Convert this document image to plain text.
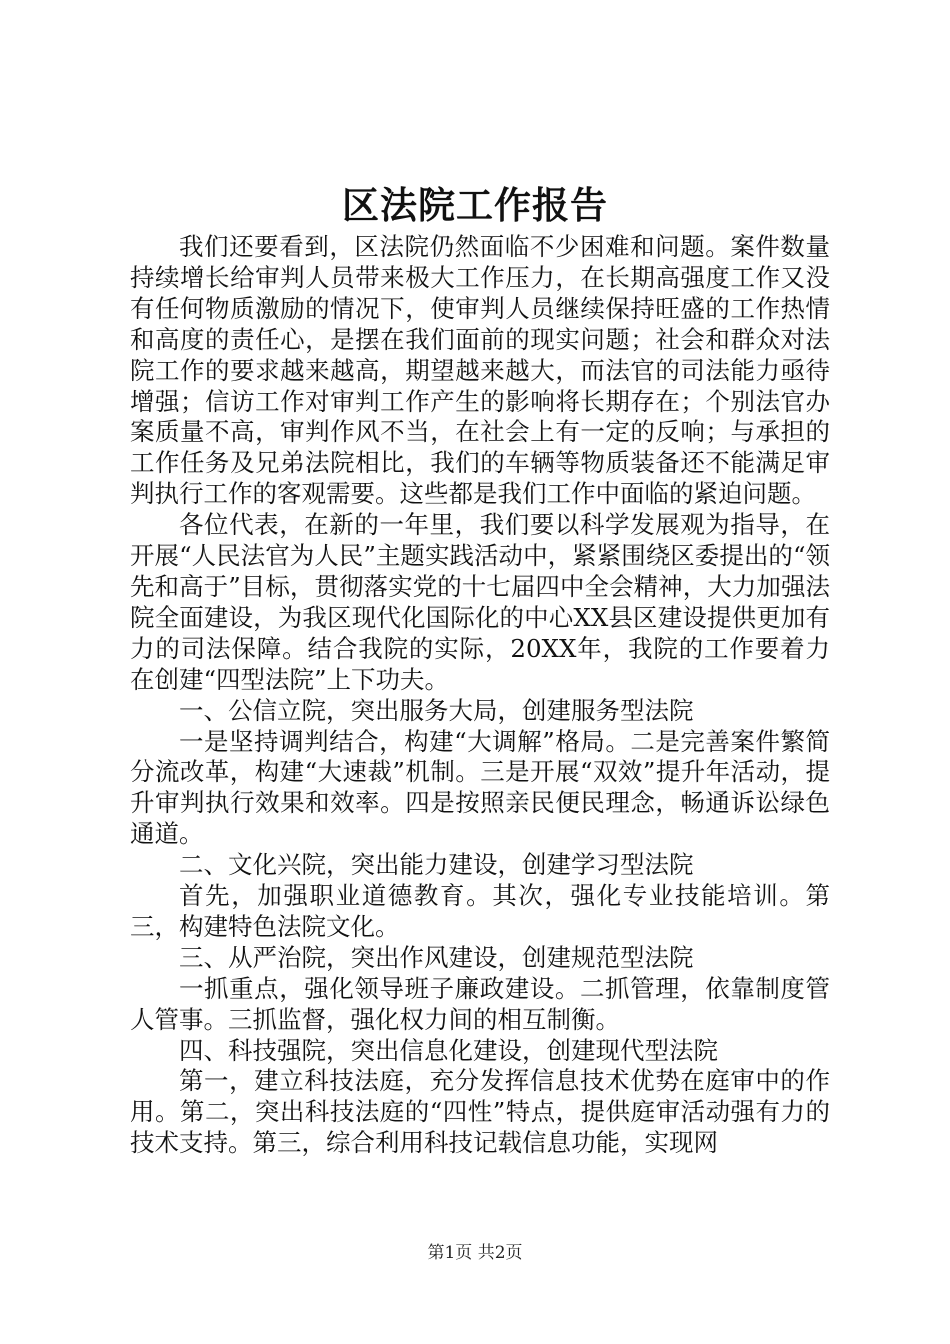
区法院工作报告

我们还要看到，区法院仍然面临不少困难和问题。案件数量持续增长给审判人员带来极大工作压力，在长期高强度工作又没有任何物质激励的情况下，使审判人员继续保持旺盛的工作热情和高度的责任心，是摆在我们面前的现实问题；社会和群众对法院工作的要求越来越高，期望越来越大，而法官的司法能力亟待增强；信访工作对审判工作产生的影响将长期存在；个别法官办案质量不高，审判作风不当，在社会上有一定的反响；与承担的工作任务及兄弟法院相比，我们的车辆等物质装备还不能满足审判执行工作的客观需要。这些都是我们工作中面临的紧迫问题。

各位代表，在新的一年里，我们要以科学发展观为指导，在开展“人民法官为人民”主题实践活动中，紧紧围绕区委提出的“领先和高于”目标，贯彻落实党的十七届四中全会精神，大力加强法院全面建设，为我区现代化国际化的中心XX县区建设提供更加有力的司法保障。结合我院的实际，20XX年，我院的工作要着力在创建“四型法院”上下功夫。

一、公信立院，突出服务大局，创建服务型法院

一是坚持调判结合，构建“大调解”格局。二是完善案件繁简分流改革，构建“大速裁”机制。三是开展“双效”提升年活动，提升审判执行效果和效率。四是按照亲民便民理念，畅通诉讼绿色通道。

二、文化兴院，突出能力建设，创建学习型法院

首先，加强职业道德教育。其次，强化专业技能培训。第三，构建特色法院文化。

三、从严治院，突出作风建设，创建规范型法院

一抓重点，强化领导班子廉政建设。二抓管理，依靠制度管人管事。三抓监督，强化权力间的相互制衡。

四、科技强院，突出信息化建设，创建现代型法院

第一，建立科技法庭，充分发挥信息技术优势在庭审中的作用。第二，突出科技法庭的“四性”特点，提供庭审活动强有力的技术支持。第三，综合利用科技记载信息功能，实现网

第1页 共2页
